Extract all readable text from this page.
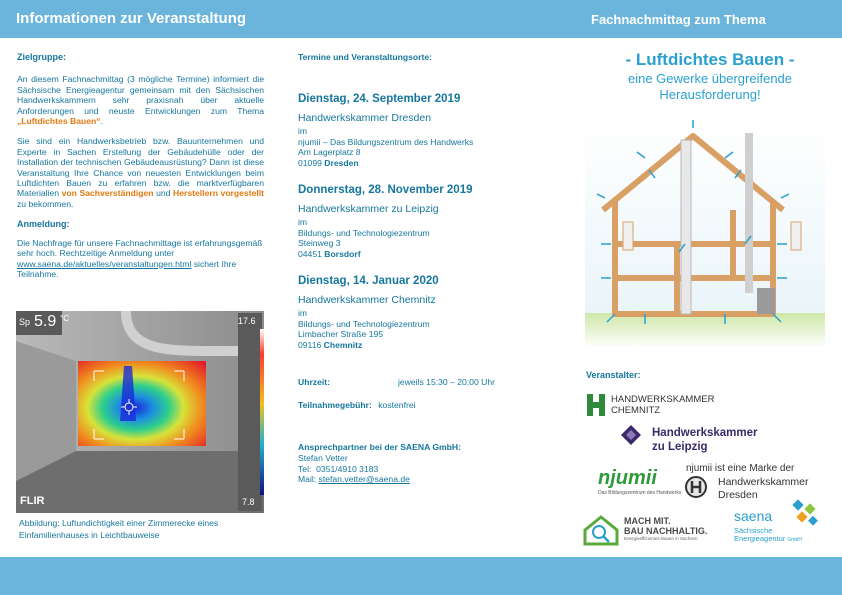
Informationen zur Veranstaltung	Fachnachmittag zum Thema
Zielgruppe:

An diesem Fachnachmittag (3 mögliche Termine) informiert die Sächsische Energieagentur gemeinsam mit den Sächsischen Handwerkskammern sehr praxisnah über aktuelle Anforderungen und neuste Entwicklungen zum Thema „Luftdichtes Bauen“.

Sie sind ein Handwerksbetrieb bzw. Bauunternehmen und Experte in Sachen Erstellung der Gebäudehülle oder der Installation der technischen Gebäudeausrüstung? Dann ist diese Veranstaltung Ihre Chance von neuesten Entwicklungen beim Luftdichten Bauen zu erfahren bzw. die marktverfügbaren Materialien von Sachverständigen und Herstellern vorgestellt zu bekommen.

Anmeldung:

Die Nachfrage für unsere Fachnachmittage ist erfahrungsgemäß sehr hoch. Rechtzeitige Anmeldung unter www.saena.de/aktuelles/veranstaltungen.html sichert Ihre Teilnahme.

Sp 5.9 °C	17.6
7.8
FLIR
Abbildung: Luftundichtigkeit einer Zimmerecke eines Einfamilienhauses in Leichtbauweise
Termine und Veranstaltungsorte:
Dienstag, 24. September 2019
Handwerkskammer Dresden
im
njumii – Das Bildungszentrum des Handwerks
Am Lagerplatz 8
01099 Dresden
Donnerstag, 28. November 2019
Handwerkskammer zu Leipzig
im
Bildungs- und Technologiezentrum
Steinweg 3
04451 Borsdorf
Dienstag, 14. Januar 2020
Handwerkskammer Chemnitz
im
Bildungs- und Technologiezentrum
Limbacher Straße 195
09116 Chemnitz
Uhrzeit:	jeweils 15:30 – 20:00 Uhr
Teilnahmegebühr: kostenfrei
Ansprechpartner bei der SAENA GmbH:
Stefan Vetter
Tel: 0351/4910 3183
Mail: stefan.vetter@saena.de
- Luftdichtes Bauen -
eine Gewerke übergreifende
Herausforderung!
Veranstalter:
HANDWERKSKAMMER
CHEMNITZ
Handwerkskammer
zu Leipzig
njumii
Das Bildungszentrum des Handwerks
njumii ist eine Marke der
Handwerkskammer
Dresden
MACH MIT.
BAU NACHHALTIG.
Energieeffizientes Bauen in Sachsen
saena
Sächsische
Energieagentur GmbH
